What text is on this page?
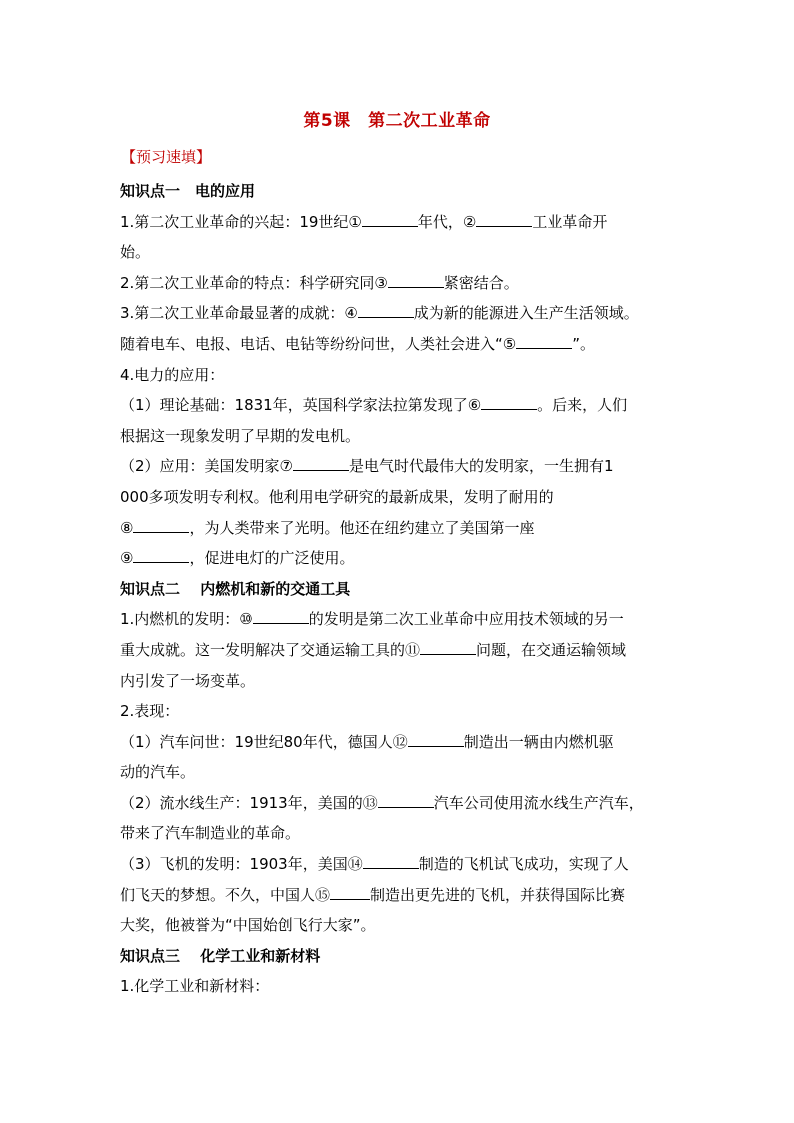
第5课　第二次工业革命
【预习速填】

知识点一　电的应用

1.第二次工业革命的兴起：19世纪①	年代，②	工业革命开

始。

2.第二次工业革命的特点：科学研究同③	紧密结合。

3.第二次工业革命最显著的成就：④	成为新的能源进入生产生活领域。

随着电车、电报、电话、电钻等纷纷问世，人类社会进入“⑤	”。

4.电力的应用：

（1）理论基础：1831年，英国科学家法拉第发现了⑥	。后来，人们

根据这一现象发明了早期的发电机。

（2）应用：美国发明家⑦	是电气时代最伟大的发明家，一生拥有1

000多项发明专利权。他利用电学研究的最新成果，发明了耐用的

⑧	，为人类带来了光明。他还在纽约建立了美国第一座

⑨	，促进电灯的广泛使用。

知识点二　 内燃机和新的交通工具

1.内燃机的发明：⑩	的发明是第二次工业革命中应用技术领域的另一

重大成就。这一发明解决了交通运输工具的⑪	问题，在交通运输领域

内引发了一场变革。

2.表现：

（1）汽车问世：19世纪80年代，德国人⑫	制造出一辆由内燃机驱

动的汽车。

（2）流水线生产：1913年，美国的⑬	汽车公司使用流水线生产汽车，

带来了汽车制造业的革命。

（3）飞机的发明：1903年，美国⑭	制造的飞机试飞成功，实现了人

们飞天的梦想。不久，中国人⑮	制造出更先进的飞机，并获得国际比赛

大奖，他被誉为“中国始创飞行大家”。

知识点三　 化学工业和新材料

1.化学工业和新材料：
